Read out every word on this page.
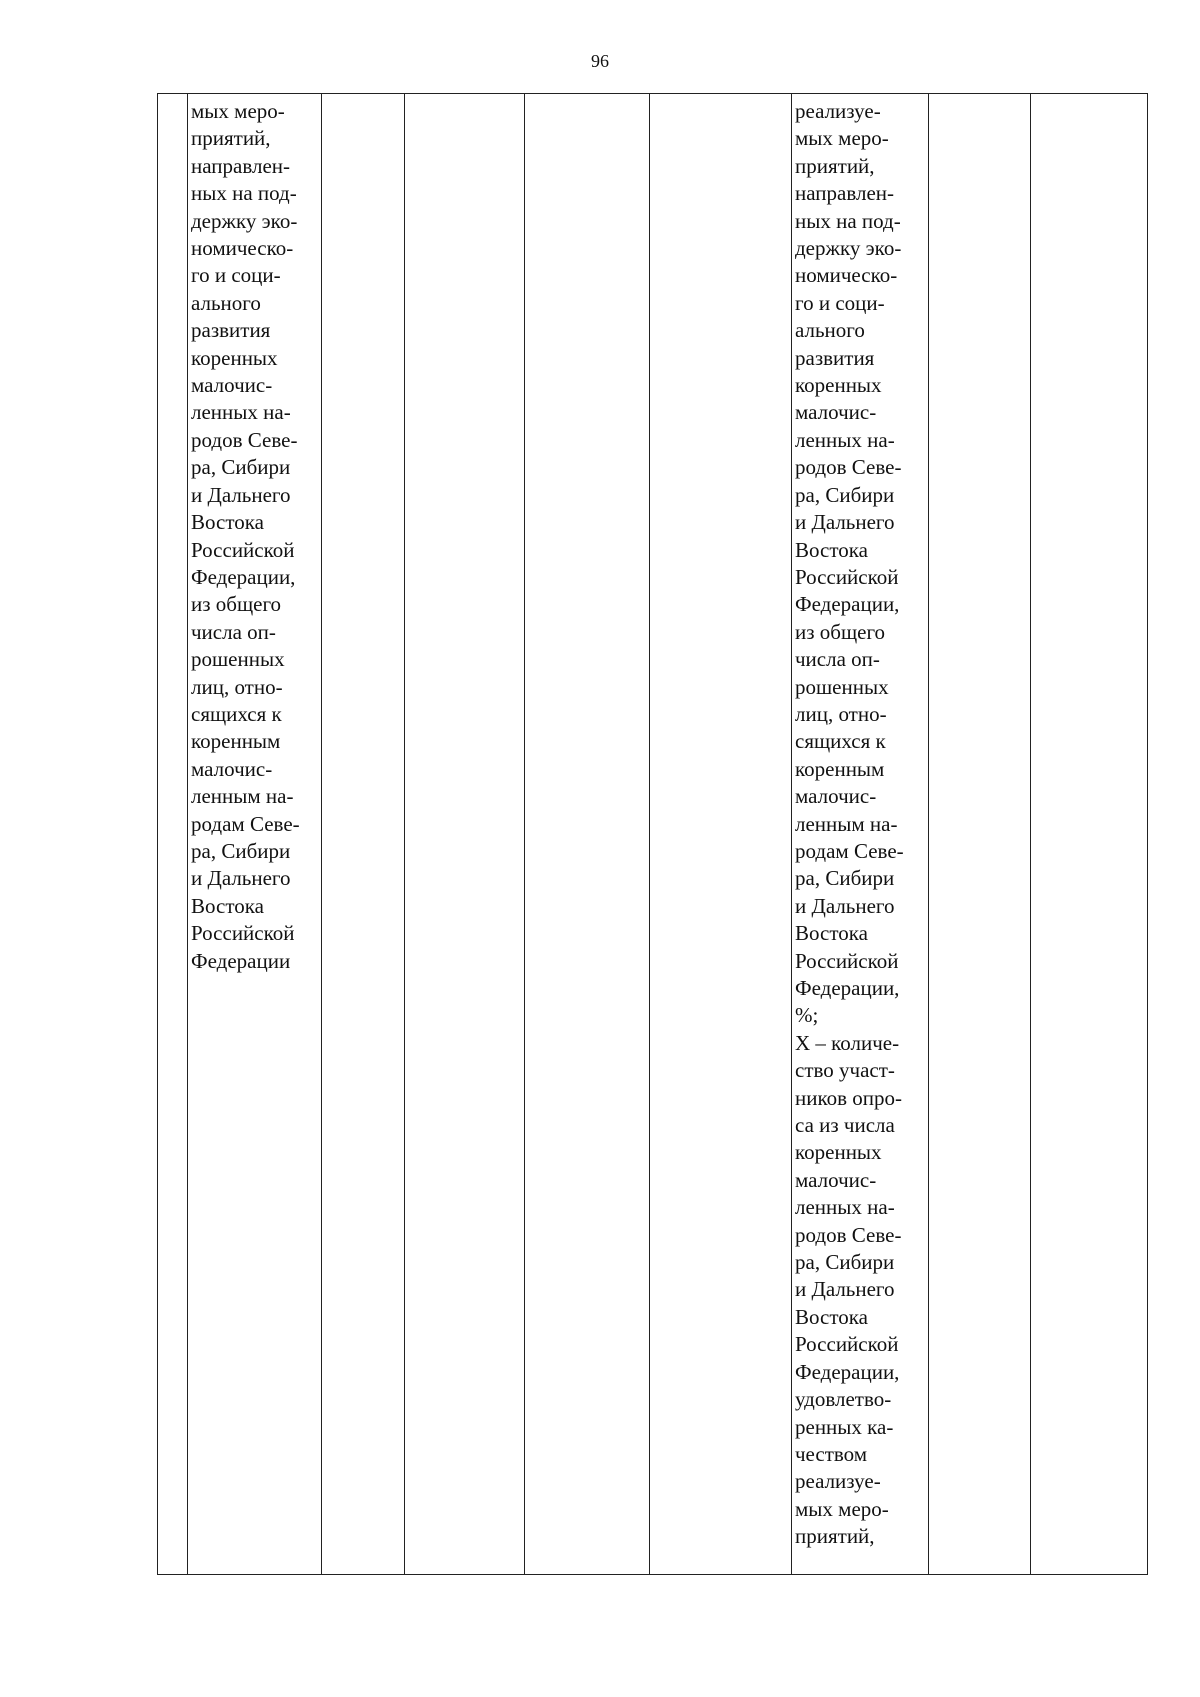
96

мых меро-
приятий,
направлен-
ных на под-
держку эко-
номическо-
го и соци-
ального
развития
коренных
малочис-
ленных на-
родов Севе-
ра, Сибири
и Дальнего
Востока
Российской
Федерации,
из общего
числа оп-
рошенных
лиц, отно-
сящихся к
коренным
малочис-
ленным на-
родам Севе-
ра, Сибири
и Дальнего
Востока
Российской
Федерации

реализуе-
мых меро-
приятий,
направлен-
ных на под-
держку эко-
номическо-
го и соци-
ального
развития
коренных
малочис-
ленных на-
родов Севе-
ра, Сибири
и Дальнего
Востока
Российской
Федерации,
из общего
числа оп-
рошенных
лиц, отно-
сящихся к
коренным
малочис-
ленным на-
родам Севе-
ра, Сибири
и Дальнего
Востока
Российской
Федерации,
%;
X – количе-
ство участ-
ников опро-
са из числа
коренных
малочис-
ленных на-
родов Севе-
ра, Сибири
и Дальнего
Востока
Российской
Федерации,
удовлетво-
ренных ка-
чеством
реализуе-
мых меро-
приятий,
